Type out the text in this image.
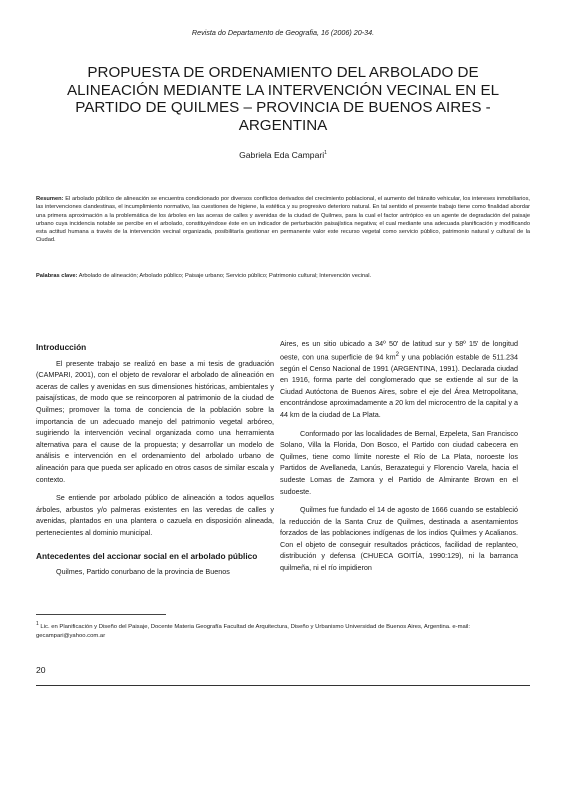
Revista do Departamento de Geografia, 16 (2006) 20-34.
PROPUESTA DE ORDENAMIENTO DEL ARBOLADO DE ALINEACIÓN MEDIANTE LA INTERVENCIÓN VECINAL EN EL PARTIDO DE QUILMES – PROVINCIA DE BUENOS AIRES - ARGENTINA
Gabriela Eda Campari$^1$
Resumen: El arbolado público de alineación se encuentra condicionado por diversos conflictos derivados del crecimiento poblacional, el aumento del tránsito vehicular, los intereses inmobiliarios, las intervenciones clandestinas, el incumplimiento normativo, las cuestiones de higiene, la estética y su progresivo deterioro natural. En tal sentido el presente trabajo tiene como finalidad abordar una primera aproximación a la problemática de los árboles en las aceras de calles y avenidas de la ciudad de Quilmes, para la cual el factor antrópico es un agente de degradación del paisaje urbano cuya incidencia notable se percibe en el arbolado, constituyéndose éste en un indicador de perturbación paisajística negativa; el cual mediante una adecuada planificación y modificando esta actitud humana a través de la intervención vecinal organizada, posibilitaría gestionar en permanente valor este recurso vegetal como servicio público, patrimonio natural y cultural de la Ciudad.
Palabras clave: Arbolado de alineación; Arbolado público; Paisaje urbano; Servicio público; Patrimonio cultural; Intervención vecinal.
Introducción

El presente trabajo se realizó en base a mi tesis de graduación (CAMPARI, 2001), con el objeto de revalorar el arbolado de alineación en aceras de calles y avenidas en sus dimensiones históricas, ambientales y paisajísticas, de modo que se reincorporen al patrimonio de la ciudad de Quilmes; promover la toma de conciencia de la población sobre la importancia de un adecuado manejo del patrimonio vegetal arbóreo, sugiriendo la intervención vecinal organizada como una herramienta alternativa para el cause de la propuesta; y desarrollar un modelo de análisis e intervención en el ordenamiento del arbolado urbano de alineación para que pueda ser aplicado en otros casos de similar escala y contexto.

Se entiende por arbolado público de alineación a todos aquellos árboles, arbustos y/o palmeras existentes en las veredas de calles y avenidas, plantados en una plantera o cazuela en disposición alineada, pertenecientes al dominio municipal.

Antecedentes del accionar social en el arbolado público

Quilmes, Partido conurbano de la provincia de Buenos

Aires, es un sitio ubicado a 34º 50' de latitud sur y 58º 15' de longitud oeste, con una superficie de 94 $km^2$ y una población estable de 511.234 según el Censo Nacional de 1991 (ARGENTINA, 1991). Declarada ciudad en 1916, forma parte del conglomerado que se extiende al sur de la Ciudad Autóctona de Buenos Aires, sobre el eje del Área Metropolitana, encontrándose aproximadamente a 20 km del microcentro de la capital y a 44 km de la ciudad de La Plata.

Conformado por las localidades de Bernal, Ezpeleta, San Francisco Solano, Villa la Florida, Don Bosco, el Partido con ciudad cabecera en Quilmes, tiene como límite noreste el Río de La Plata, noroeste los Partidos de Avellaneda, Lanús, Berazategui y Florencio Varela, hacia el sudeste Lomas de Zamora y el Partido de Almirante Brown en el sudoeste.

Quilmes fue fundado el 14 de agosto de 1666 cuando se estableció la reducción de la Santa Cruz de Quilmes, destinada a asentamientos forzados de las poblaciones indígenas de los indios Quilmes y Acalianos. Con el objeto de conseguir resultados prácticos, facilidad de replanteo, distribución y defensa (CHUECA GOITÍA, 1990:129), ni la barranca quilmeña, ni el río impidieron

$^1$ Lic. en Planificación y Diseño del Paisaje, Docente Materia Geografía Facultad de Arquitectura, Diseño y Urbanismo Universidad de Buenos Aires, Argentina. e-mail: gecampari@yahoo.com.ar
20
